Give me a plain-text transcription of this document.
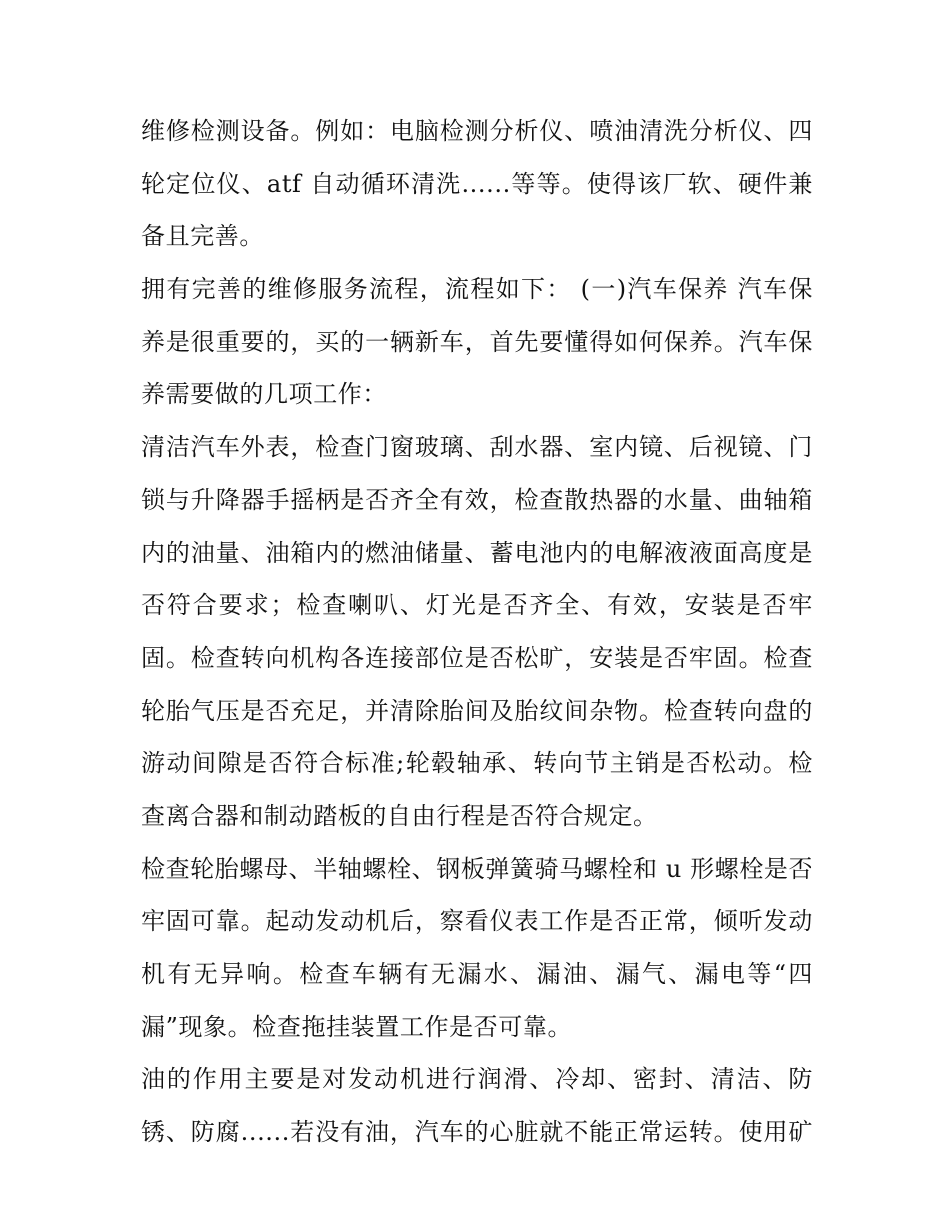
维修检测设备。例如：电脑检测分析仪、喷油清洗分析仪、四
轮定位仪、atf 自动循环清洗......等等。使得该厂软、硬件兼
备且完善。
拥有完善的维修服务流程，流程如下： (一)汽车保养 汽车保
养是很重要的，买的一辆新车，首先要懂得如何保养。汽车保
养需要做的几项工作：
清洁汽车外表，检查门窗玻璃、刮水器、室内镜、后视镜、门
锁与升降器手摇柄是否齐全有效，检查散热器的水量、曲轴箱
内的油量、油箱内的燃油储量、蓄电池内的电解液液面高度是
否符合要求；检查喇叭、灯光是否齐全、有效，安装是否牢
固。检查转向机构各连接部位是否松旷，安装是否牢固。检查
轮胎气压是否充足，并清除胎间及胎纹间杂物。检查转向盘的
游动间隙是否符合标准;轮毂轴承、转向节主销是否松动。检
查离合器和制动踏板的自由行程是否符合规定。
检查轮胎螺母、半轴螺栓、钢板弹簧骑马螺栓和 u 形螺栓是否
牢固可靠。起动发动机后，察看仪表工作是否正常，倾听发动
机有无异响。检查车辆有无漏水、漏油、漏气、漏电等“四
漏”现象。检查拖挂装置工作是否可靠。
油的作用主要是对发动机进行润滑、冷却、密封、清洁、防
锈、防腐......若没有油，汽车的心脏就不能正常运转。使用矿
